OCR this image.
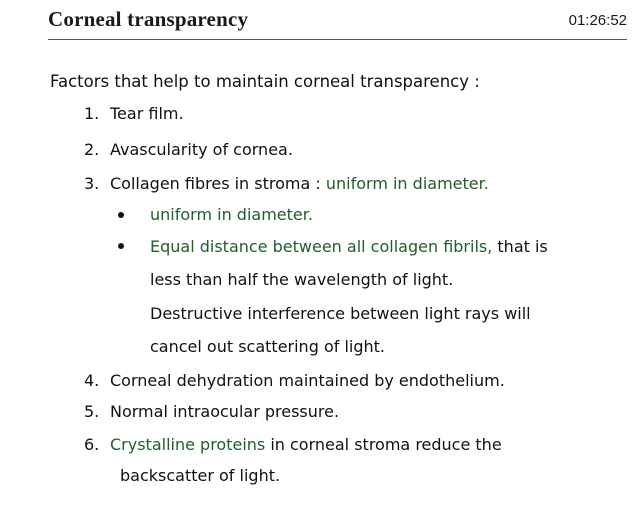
Corneal transparency	01:26:52
Factors that help to maintain corneal transparency :
1. Tear film.
2. Avascularity of cornea.
3. Collagen fibres in stroma : uniform in diameter.
uniform in diameter.
Equal distance between all collagen fibrils, that is
less than half the wavelength of light.
Destructive interference between light rays will
cancel out scattering of light.
4. Corneal dehydration maintained by endothelium.
5. Normal intraocular pressure.
6. Crystalline proteins in corneal stroma reduce the
backscatter of light.
